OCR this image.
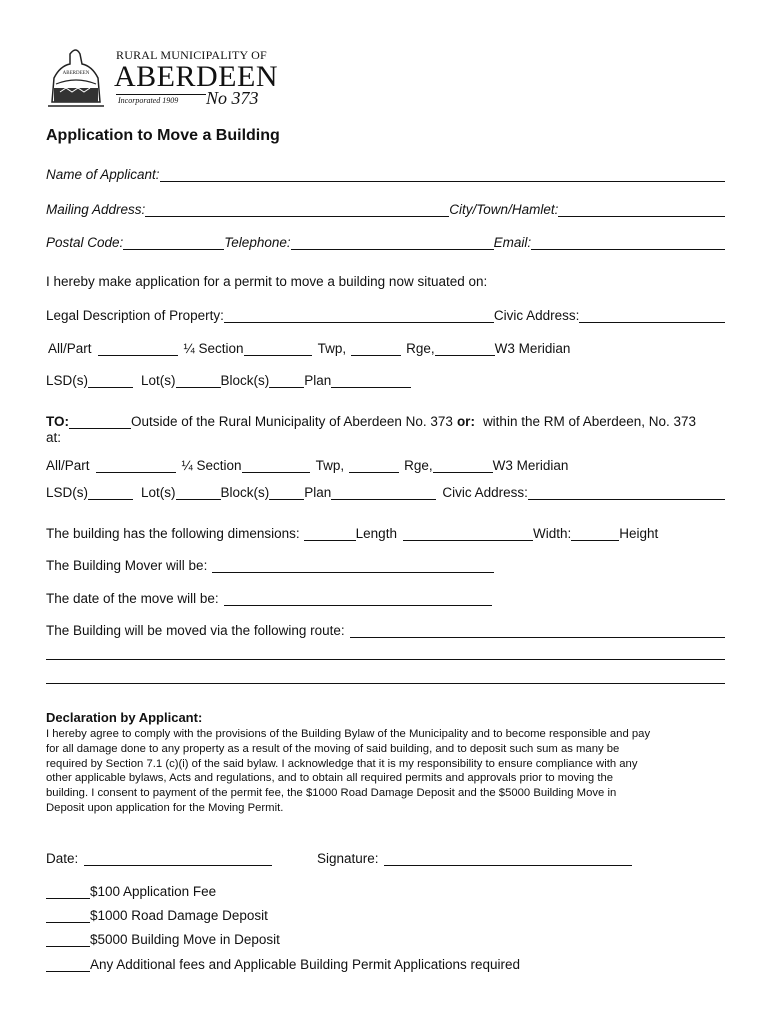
ABERDEEN
RURAL MUNICIPALITY OF
ABERDEEN
Incorporated 1909 No 373
Application to Move a Building
Name of Applicant:
Mailing Address:	City/Town/Hamlet:
Postal Code:	Telephone:	Email:
I hereby make application for a permit to move a building now situated on:
Legal Description of Property:	Civic Address:
All/Part	¼ Section	Twp,	Rge,	W3 Meridian
LSD(s)	Lot(s)	Block(s)	Plan
TO:	Outside of the Rural Municipality of Aberdeen No. 373 or: within the RM of Aberdeen, No. 373
at:
All/Part	¼ Section	Twp,	Rge,	W3 Meridian
LSD(s)	Lot(s)	Block(s)	Plan	Civic Address:
The building has the following dimensions:	Length	Width:	Height
The Building Mover will be:
The date of the move will be:
The Building will be moved via the following route:
Declaration by Applicant:
I hereby agree to comply with the provisions of the Building Bylaw of the Municipality and to become responsible and pay
for all damage done to any property as a result of the moving of said building, and to deposit such sum as many be
required by Section 7.1 (c)(i) of the said bylaw. I acknowledge that it is my responsibility to ensure compliance with any
other applicable bylaws, Acts and regulations, and to obtain all required permits and approvals prior to moving the
building. I consent to payment of the permit fee, the $1000 Road Damage Deposit and the $5000 Building Move in
Deposit upon application for the Moving Permit.
Date:	Signature:
$100 Application Fee
$1000 Road Damage Deposit
$5000 Building Move in Deposit
Any Additional fees and Applicable Building Permit Applications required
